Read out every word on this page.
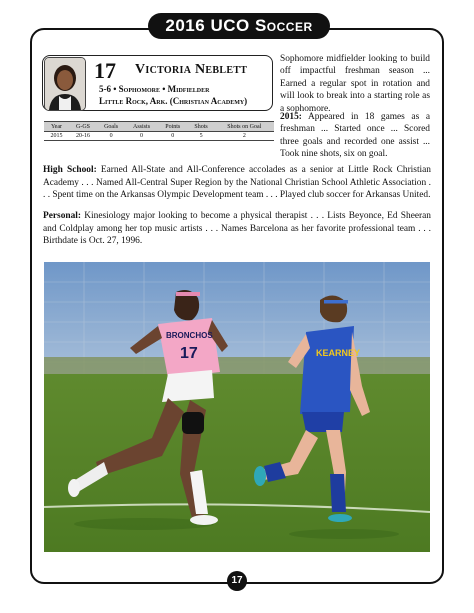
2016 UCO Soccer
17 Victoria Neblett
5-6 • Sophomore • Midfielder
Little Rock, Ark. (Christian Academy)
Year	G-GS	Goals	Assists	Points	Shots	Shots on Goal
2015	20-16	0	0	0	5	2
Sophomore midfielder looking to build off impactful freshman season ... Earned a regular spot in rotation and will look to break into a starting role as a sophomore.
2015: Appeared in 18 games as a freshman ... Started once ... Scored three goals and recorded one assist ... Took nine shots, six on goal.
High School: Earned All-State and All-Conference accolades as a senior at Little Rock Christian Academy . . . Named All-Central Super Region by the National Christian School Athletic Association . . . Spent time on the Arkansas Olympic Development team . . . Played club soccer for Arkansas United.
Personal: Kinesiology major looking to become a physical therapist . . . Lists Beyonce, Ed Sheeran and Coldplay among her top music artists . . . Names Barcelona as her favorite professional team . . . Birthdate is Oct. 27, 1996.
BRONCHOS
17	KEARNEY
17
